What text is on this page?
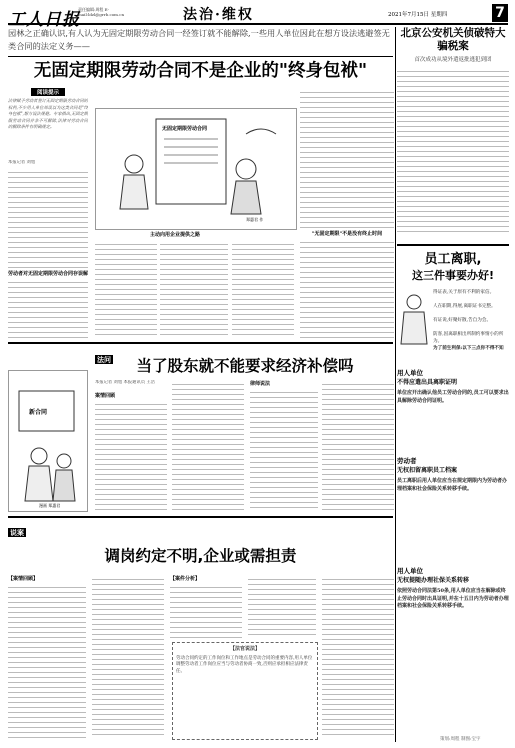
工人日报
责任编辑:周程 E-mail:ldzl@grrb.com.cn	法治·维权	2021年7月15日 星期四	7
园林之正确认识,有人认为无固定期限劳动合同一经签订就不能解除,一些用人单位因此在想方设法逃避签无类合同的法定义务——
无固定期限劳动合同不是企业的"终身包袱"
阅读提示
法律赋予劳动者签订无固定期限劳动合同的权利,不少用人单位却误以为这类合同是"终身包袱",想方设法规避。专家指出,无固定期限劳动合同并非不可解除,法律对劳动合同的解除条件有明确规定。
本报记者 刘旭
劳动者对无固定期限劳动合同存误解
无固定期限劳动合同
郑惠君 作
主动向用企业提供之路	"无固定期限"不是没有终止时间
法问	当了股东就不能要求经济补偿吗
新合同
漫画 郑惠君
本报记者 刘旭 本报通讯员 王浩
案情回顾
律师说法
说案
调岗约定不明,企业或需担责
【案情回顾】	【案件分析】
【法官说法】
劳动合同约定的工作岗位和工作地点是劳动合同的重要内容,用人单位调整劳动者工作岗位应当与劳动者协商一致,否则应承担相应法律责任。
北京公安机关侦破特大骗税案
首次成功从境外遣返批逃犯到团
员工离职,
这三件事要办好!
得证表,关于原有不利的家信。
人在职期,得展,离职证书完整。
有证说,好聚好散,告自为会。
防客,因离职相出所制约事情小的所为。
为了前生利保:以下三点你不得不知
用人单位
不得应遣出具离职证明
单位应开出确认他员工劳动合同的,员工可以要求出具解除劳动合同证明。
劳动者
无权扣留离职员工档案
员工离职后用人单位应当在规定期限内为劳动者办理档案和社会保险关系转移手续。
用人单位
无权提随办理社保关系转移
依照劳动合同法第50条,用人单位应当在解除或终止劳动合同时出具证明,并在十五日内为劳动者办理档案和社会保险关系转移手续。
策划:周程 制图:宝宇
